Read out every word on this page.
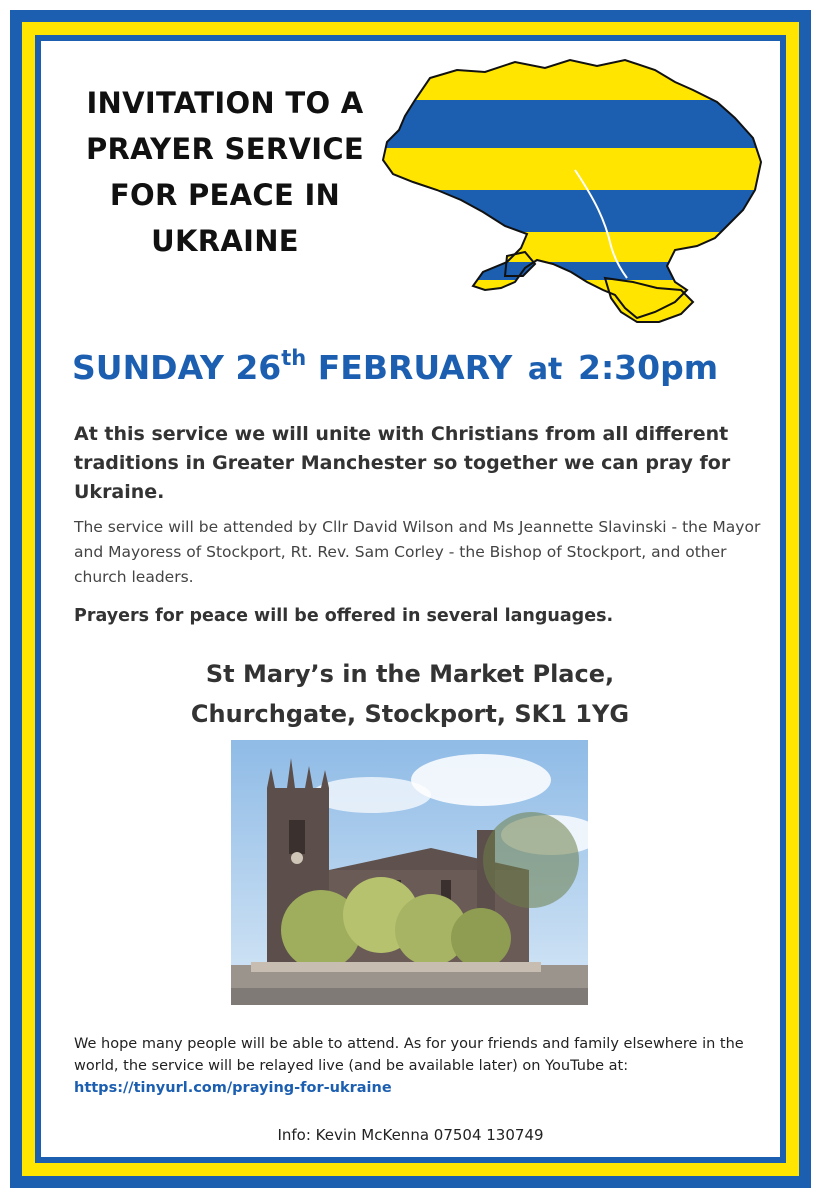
INVITATION TO A
PRAYER SERVICE
FOR PEACE IN
UKRAINE
SUNDAY 26th FEBRUARY at 2:30pm

At this service we will unite with Christians from all different traditions in Greater Manchester so together we can pray for Ukraine.

The service will be attended by Cllr David Wilson and Ms Jeannette Slavinski - the Mayor and Mayoress of Stockport, Rt. Rev. Sam Corley - the Bishop of Stockport, and other church leaders.

Prayers for peace will be offered in several languages.

St Mary’s in the Market Place,
Churchgate, Stockport, SK1 1YG
We hope many people will be able to attend. As for your friends and family elsewhere in the world, the service will be relayed live (and be available later) on YouTube at:
https://tinyurl.com/praying-for-ukraine
Info: Kevin McKenna 07504 130749
